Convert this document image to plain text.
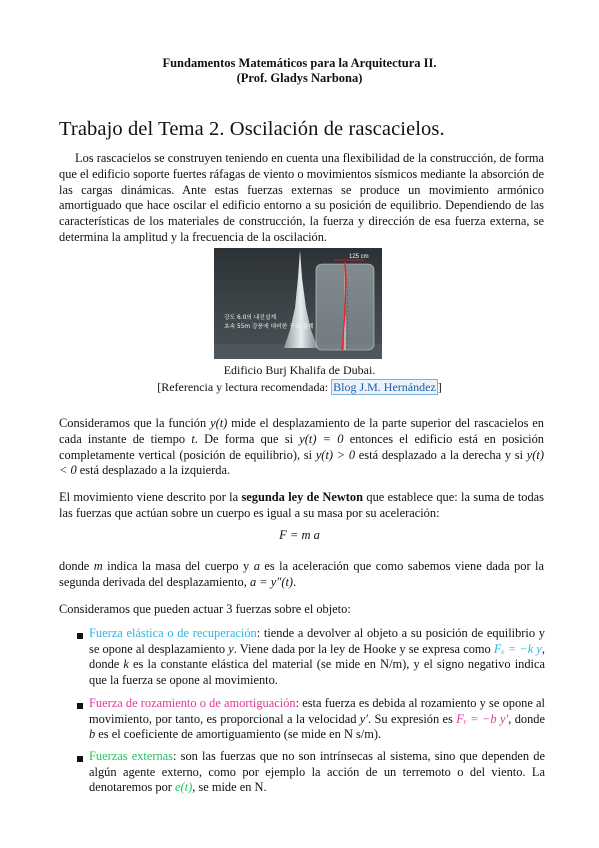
Fundamentos Matemáticos para la Arquitectura II.
(Prof. Gladys Narbona)
Trabajo del Tema 2. Oscilación de rascacielos.

Los rascacielos se construyen teniendo en cuenta una flexibilidad de la construcción, de forma que el edificio soporte fuertes ráfagas de viento o movimientos sísmicos mediante la absorción de las cargas dinámicas. Ante estas fuerzas externas se produce un movimiento armónico amortiguado que hace oscilar el edificio entorno a su posición de equilibrio. Dependiendo de las características de los materiales de construcción, la fuerza y dirección de esa fuerza externa, se determina la amplitud y la frecuencia de la oscilación.

125 cm
강도 6.0의 내진설계
초속 55m 강풍에 대비한 구조 설계
Edificio Burj Khalifa de Dubai.
[Referencia y lectura recomendada: Blog J.M. Hernández ]

Consideramos que la función y(t) mide el desplazamiento de la parte superior del rascacielos en cada instante de tiempo t. De forma que si y(t) = 0 entonces el edificio está en posición completamente vertical (posición de equilibrio), si y(t) > 0 está desplazado a la derecha y si y(t) < 0 está desplazado a la izquierda.

El movimiento viene descrito por la segunda ley de Newton que establece que: la suma de todas las fuerzas que actúan sobre un cuerpo es igual a su masa por su aceleración:

F = m a

donde m indica la masa del cuerpo y a es la aceleración que como sabemos viene dada por la segunda derivada del desplazamiento, a = y″(t).

Consideramos que pueden actuar 3 fuerzas sobre el objeto:

Fuerza elástica o de recuperación: tiende a devolver al objeto a su posición de equilibrio y se opone al desplazamiento y. Viene dada por la ley de Hooke y se expresa como Fₑ = −k y, donde k es la constante elástica del material (se mide en N/m), y el signo negativo indica que la fuerza se opone al movimiento.

Fuerza de rozamiento o de amortiguación: esta fuerza es debida al rozamiento y se opone al movimiento, por tanto, es proporcional a la velocidad y′. Su expresión es Fᵣ = −b y′, donde b es el coeficiente de amortiguamiento (se mide en N s/m).

Fuerzas externas: son las fuerzas que no son intrínsecas al sistema, sino que dependen de algún agente externo, como por ejemplo la acción de un terremoto o del viento. La denotaremos por e(t), se mide en N.
